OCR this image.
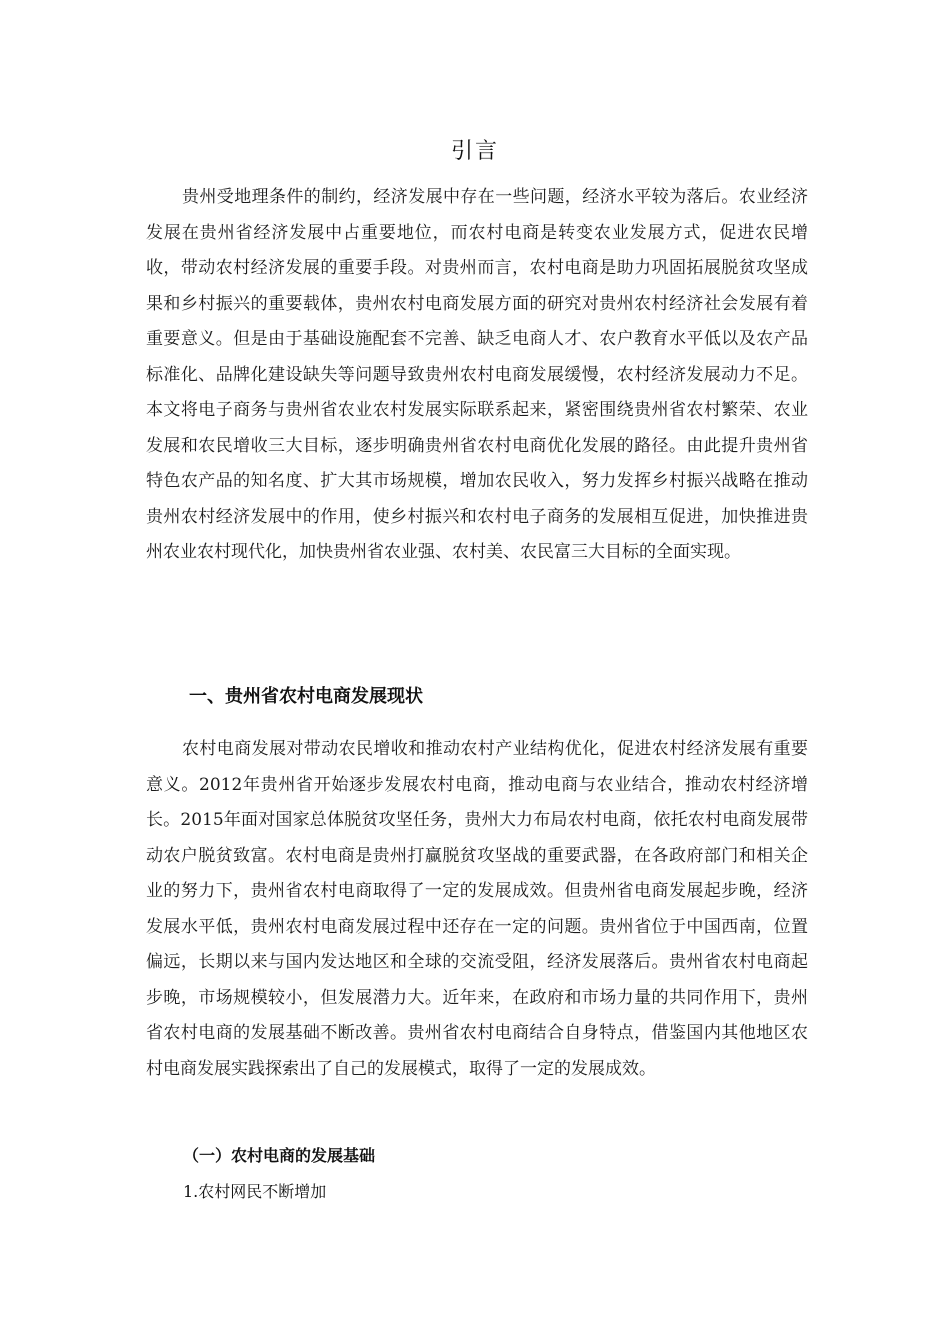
引言

贵州受地理条件的制约，经济发展中存在一些问题，经济水平较为落后。农业经济发展在贵州省经济发展中占重要地位，而农村电商是转变农业发展方式，促进农民增收，带动农村经济发展的重要手段。对贵州而言，农村电商是助力巩固拓展脱贫攻坚成果和乡村振兴的重要载体，贵州农村电商发展方面的研究对贵州农村经济社会发展有着重要意义。但是由于基础设施配套不完善、缺乏电商人才、农户教育水平低以及农产品标准化、品牌化建设缺失等问题导致贵州农村电商发展缓慢，农村经济发展动力不足。本文将电子商务与贵州省农业农村发展实际联系起来，紧密围绕贵州省农村繁荣、农业发展和农民增收三大目标，逐步明确贵州省农村电商优化发展的路径。由此提升贵州省特色农产品的知名度、扩大其市场规模，增加农民收入，努力发挥乡村振兴战略在推动贵州农村经济发展中的作用，使乡村振兴和农村电子商务的发展相互促进，加快推进贵州农业农村现代化，加快贵州省农业强、农村美、农民富三大目标的全面实现。

一、贵州省农村电商发展现状

农村电商发展对带动农民增收和推动农村产业结构优化，促进农村经济发展有重要意义。2012年贵州省开始逐步发展农村电商，推动电商与农业结合，推动农村经济增长。2015年面对国家总体脱贫攻坚任务，贵州大力布局农村电商，依托农村电商发展带动农户脱贫致富。农村电商是贵州打赢脱贫攻坚战的重要武器，在各政府部门和相关企业的努力下，贵州省农村电商取得了一定的发展成效。但贵州省电商发展起步晚，经济发展水平低，贵州农村电商发展过程中还存在一定的问题。贵州省位于中国西南，位置偏远，长期以来与国内发达地区和全球的交流受阻，经济发展落后。贵州省农村电商起步晚，市场规模较小，但发展潜力大。近年来，在政府和市场力量的共同作用下，贵州省农村电商的发展基础不断改善。贵州省农村电商结合自身特点，借鉴国内其他地区农村电商发展实践探索出了自己的发展模式，取得了一定的发展成效。

（一）农村电商的发展基础
1.农村网民不断增加
